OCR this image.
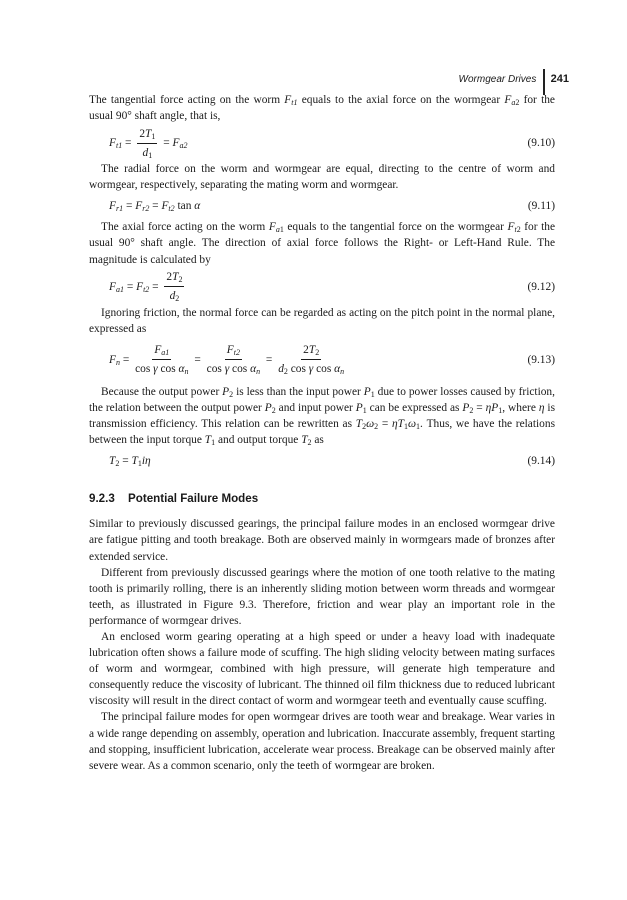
Wormgear Drives 241

The tangential force acting on the worm $F_{t1}$ equals to the axial force on the wormgear $F_{a2}$ for the usual 90° shaft angle, that is,

$F_{t1} = \frac{2T_1}{d_1} = F_{a2}$	(9.10)

The radial force on the worm and wormgear are equal, directing to the centre of worm and wormgear, respectively, separating the mating worm and wormgear.

$F_{r1} = F_{r2} = F_{t2}$ tan α	(9.11)

The axial force acting on the worm $F_{a1}$ equals to the tangential force on the wormgear $F_{t2}$ for the usual 90° shaft angle. The direction of axial force follows the Right- or Left-Hand Rule. The magnitude is calculated by

$F_{a1} = F_{t2} = \frac{2T_2}{d_2}$	(9.12)

Ignoring friction, the normal force can be regarded as acting on the pitch point in the normal plane, expressed as

$F_n = \frac{F_{a1}}{\cos \gamma \cos \alpha_n} = \frac{F_{t2}}{\cos \gamma \cos \alpha_n} = \frac{2T_2}{d_2 \cos \gamma \cos \alpha_n}$	(9.13)

Because the output power $P_2$ is less than the input power $P_1$ due to power losses caused by friction, the relation between the output power $P_2$ and input power $P_1$ can be expressed as $P_2 = \eta P_1$, where η is transmission efficiency. This relation can be rewritten as $T_2\omega_2 = \eta T_1\omega_1$. Thus, we have the relations between the input torque $T_1$ and output torque $T_2$ as

$T_2 = T_1i\eta$	(9.14)
9.2.3 Potential Failure Modes

Similar to previously discussed gearings, the principal failure modes in an enclosed wormgear drive are fatigue pitting and tooth breakage. Both are observed mainly in wormgears made of bronzes after extended service.

Different from previously discussed gearings where the motion of one tooth relative to the mating tooth is primarily rolling, there is an inherently sliding motion between worm threads and wormgear teeth, as illustrated in Figure 9.3. Therefore, friction and wear play an important role in the performance of wormgear drives.

An enclosed worm gearing operating at a high speed or under a heavy load with inadequate lubrication often shows a failure mode of scuffing. The high sliding velocity between mating surfaces of worm and wormgear, combined with high pressure, will generate high temperature and consequently reduce the viscosity of lubricant. The thinned oil film thickness due to reduced lubricant viscosity will result in the direct contact of worm and wormgear teeth and eventually cause scuffing.

The principal failure modes for open wormgear drives are tooth wear and breakage. Wear varies in a wide range depending on assembly, operation and lubrication. Inaccurate assembly, frequent starting and stopping, insufficient lubrication, accelerate wear process. Breakage can be observed mainly after severe wear. As a common scenario, only the teeth of wormgear are broken.
